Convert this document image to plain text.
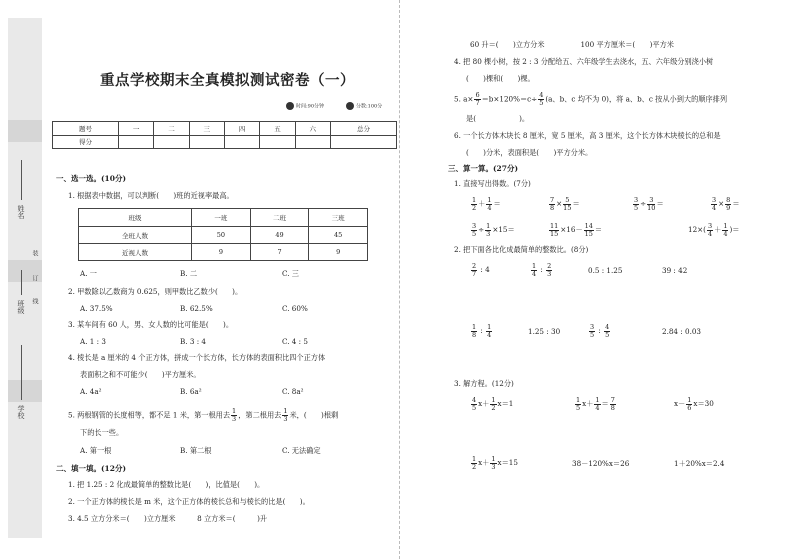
姓名
班级
学校
装
订
线
重点学校期末全真模拟测试密卷（一）
时间:90分钟	分数:100分
题号	一	二	三	四	五	六	总分
得分							
一、选一选。(10分)
1. 根据表中数据，可以判断(　　)班的近视率最高。
班级	一班	二班	三班
全班人数	50	49	45
近视人数	9	7	9
A. 一	B. 二	C. 三
2. 甲数除以乙数商为 0.625，则甲数比乙数少(　　)。
A. 37.5%	B. 62.5%	C. 60%
3. 某车间有 60 人，男、女人数的比可能是(　　)。
A. 1 : 3	B. 3 : 4	C. 4 : 5
4. 棱长是 a 厘米的 4 个正方体，拼成一个长方体，长方体的表面积比四个正方体
表面积之和不可能少(　　)平方厘米。
A. 4a²	B. 6a²	C. 8a²
5. 两根钢管的长度相等，都不足 1 米，第一根用去 $\frac{1}{3}$ ，第二根用去 $\frac{1}{3}$ 米，(　　)根剩
下的长一些。
A. 第一根	B. 第二根	C. 无法确定
二、填一填。(12分)
1. 把 1.25 : 2 化成最简单的整数比是(　　)，比值是(　　)。
2. 一个正方体的棱长是 m 米，这个正方体的棱长总和与棱长的比是(　　)。
3. 4.5 立方分米＝(　　)立方厘米　　　8 立方米＝(　　　)升
60 升＝(　　)立方分米　　　　　100 平方厘米＝(　　)平方米
4. 把 80 棵小树，按 2 : 3 分配给五、六年级学生去浇水，五、六年级分别浇小树
(　　)棵和(　　)棵。
5. $a\times \frac{6}{7} =b\times 120\%=c\div \frac{4}{5} (a$、b、c 均不为 0)，将 a、b、c 按从小到大的顺序排列
是(　　　　　　)。
6. 一个长方体木块长 8 厘米，宽 5 厘米，高 3 厘米，这个长方体木块棱长的总和是
(　　)分米，表面积是(　　)平方分米。
三、算一算。(27分)
1. 直接写出得数。(7分)
$\frac{1}{2} + \frac{1}{4}$ ＝	$\frac{7}{8} \times \frac{5}{15}$ ＝	$\frac{3}{5} \div \frac{3}{10}$ ＝	$\frac{3}{4} \times \frac{8}{9}$ ＝
$\frac{3}{5} \div \frac{1}{3} \times 15=$	$\frac{11}{15} \times 16- \frac{14}{15}$ ＝	$12\times( \frac{3}{4} + \frac{1}{4}$ )＝
2. 把下面各比化成最简单的整数比。(8分)
$\frac{2}{7}$ : 4	$\frac{1}{4}$ : $\frac{2}{3}$	0.5 : 1.25	39 : 42
$\frac{1}{8}$ : $\frac{1}{4}$	1.25 : 30	$\frac{3}{5}$ : $\frac{4}{5}$	2.84 : 0.03
3. 解方程。(12分)
$\frac{4}{5} x+ \frac{1}{2} x=1$	$\frac{1}{5} x+ \frac{1}{4} = \frac{7}{8}$	$x- \frac{1}{6} x=30$
$\frac{1}{2} x+ \frac{1}{3} x=15$	38－120%x＝26	1＋20%x＝2.4
